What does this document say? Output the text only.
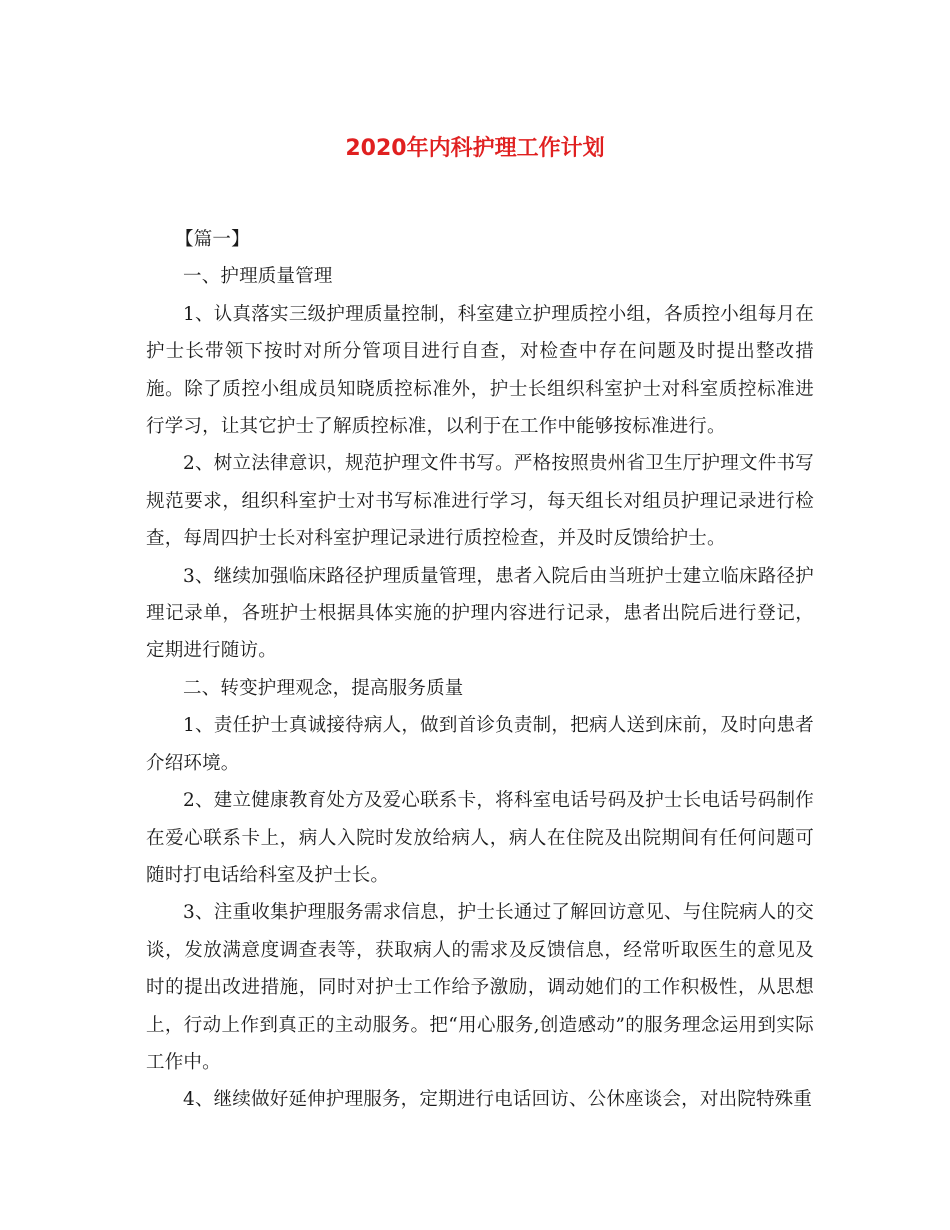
2020年内科护理工作计划

【篇一】

一、护理质量管理

1、认真落实三级护理质量控制，科室建立护理质控小组，各质控小组每月在护士长带领下按时对所分管项目进行自查，对检查中存在问题及时提出整改措施。除了质控小组成员知晓质控标准外，护士长组织科室护士对科室质控标准进行学习，让其它护士了解质控标准，以利于在工作中能够按标准进行。

2、树立法律意识，规范护理文件书写。严格按照贵州省卫生厅护理文件书写规范要求，组织科室护士对书写标准进行学习，每天组长对组员护理记录进行检查，每周四护士长对科室护理记录进行质控检查，并及时反馈给护士。

3、继续加强临床路径护理质量管理，患者入院后由当班护士建立临床路径护理记录单，各班护士根据具体实施的护理内容进行记录，患者出院后进行登记，定期进行随访。

二、转变护理观念，提高服务质量

1、责任护士真诚接待病人，做到首诊负责制，把病人送到床前，及时向患者介绍环境。

2、建立健康教育处方及爱心联系卡，将科室电话号码及护士长电话号码制作在爱心联系卡上，病人入院时发放给病人，病人在住院及出院期间有任何问题可随时打电话给科室及护士长。

3、注重收集护理服务需求信息，护士长通过了解回访意见、与住院病人的交谈，发放满意度调查表等，获取病人的需求及反馈信息，经常听取医生的意见及时的提出改进措施，同时对护士工作给予激励，调动她们的工作积极性，从思想上，行动上作到真正的主动服务。把“用心服务,创造感动”的服务理念运用到实际工作中。

4、继续做好延伸护理服务，定期进行电话回访、公休座谈会，对出院特殊重
